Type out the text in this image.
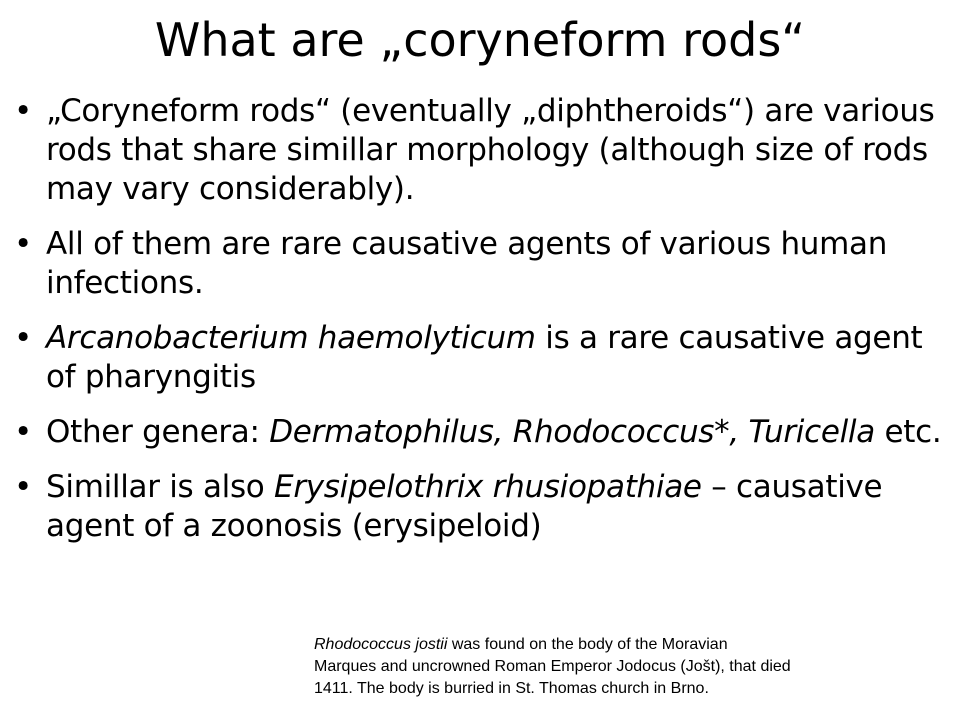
What are „coryneform rods“
• „Coryneform rods“ (eventually „diphtheroids“) are various rods that share simillar morphology (although size of rods may vary considerably).
• All of them are rare causative agents of various human infections.
• Arcanobacterium haemolyticum is a rare causative agent of pharyngitis
• Other genera: Dermatophilus, Rhodococcus*, Turicella etc.
• Simillar is also Erysipelothrix rhusiopathiae – causative agent of a zoonosis (erysipeloid)
Rhodococcus jostii was found on the body of the Moravian
Marques and uncrowned Roman Emperor Jodocus (Jošt), that died
1411. The body is burried in St. Thomas church in Brno.
